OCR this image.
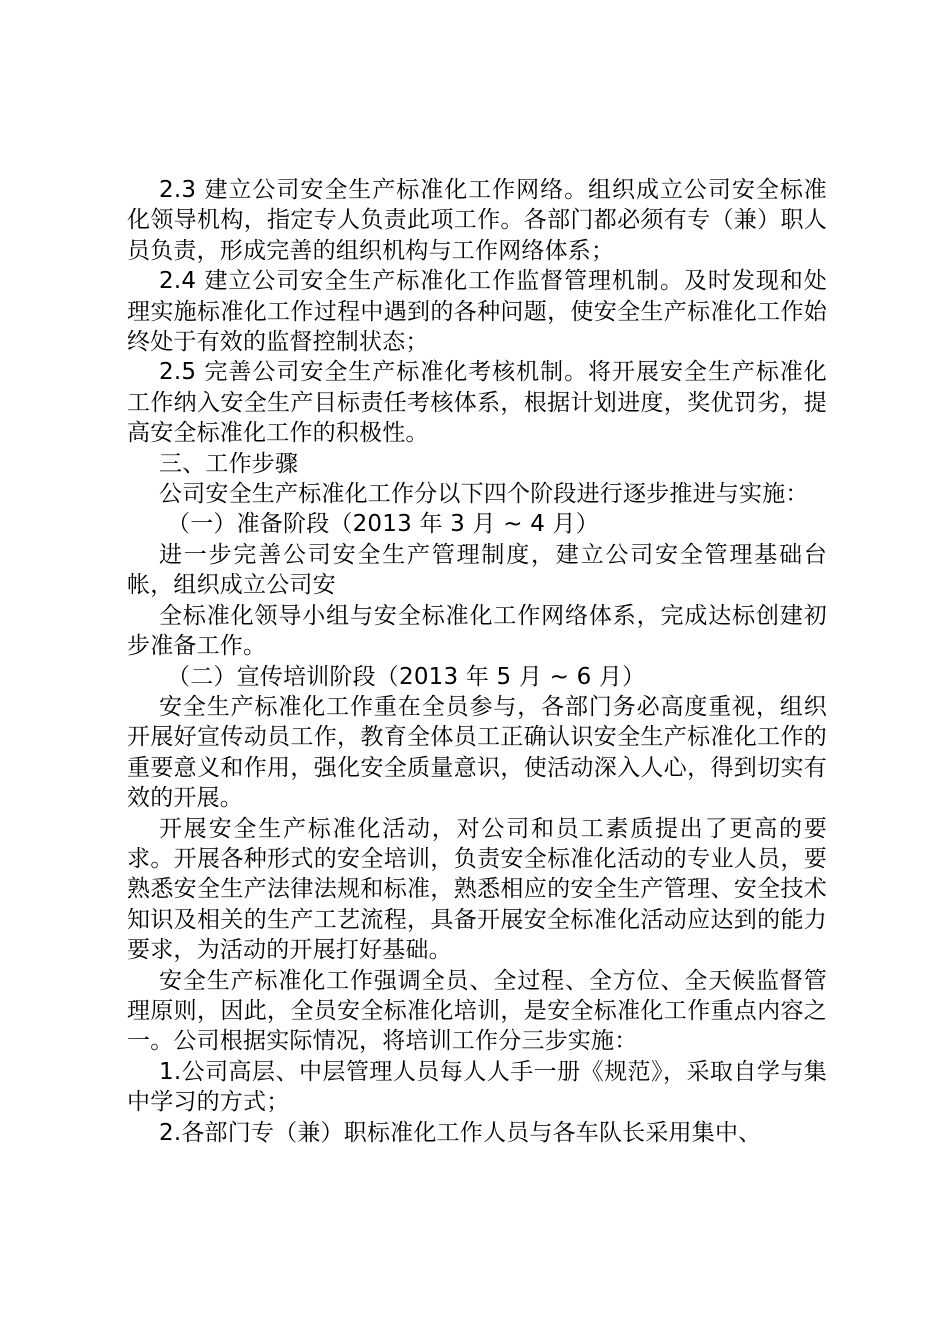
2.3 建立公司安全生产标准化工作网络。组织成立公司安全标准化领导机构，指定专人负责此项工作。各部门都必须有专（兼）职人员负责，形成完善的组织机构与工作网络体系；

2.4 建立公司安全生产标准化工作监督管理机制。及时发现和处理实施标准化工作过程中遇到的各种问题，使安全生产标准化工作始终处于有效的监督控制状态；

2.5 完善公司安全生产标准化考核机制。将开展安全生产标准化工作纳入安全生产目标责任考核体系，根据计划进度，奖优罚劣，提高安全标准化工作的积极性。

三、工作步骤

公司安全生产标准化工作分以下四个阶段进行逐步推进与实施：

（一）准备阶段（2013 年 3 月 ~ 4 月）

进一步完善公司安全生产管理制度，建立公司安全管理基础台帐，组织成立公司安

全标准化领导小组与安全标准化工作网络体系，完成达标创建初步准备工作。

（二）宣传培训阶段（2013 年 5 月 ~ 6 月）

安全生产标准化工作重在全员参与，各部门务必高度重视，组织开展好宣传动员工作，教育全体员工正确认识安全生产标准化工作的重要意义和作用，强化安全质量意识，使活动深入人心，得到切实有效的开展。

开展安全生产标准化活动，对公司和员工素质提出了更高的要求。开展各种形式的安全培训，负责安全标准化活动的专业人员，要熟悉安全生产法律法规和标准，熟悉相应的安全生产管理、安全技术知识及相关的生产工艺流程，具备开展安全标准化活动应达到的能力要求，为活动的开展打好基础。

安全生产标准化工作强调全员、全过程、全方位、全天候监督管理原则，因此，全员安全标准化培训，是安全标准化工作重点内容之一。公司根据实际情况，将培训工作分三步实施：

1.公司高层、中层管理人员每人人手一册《规范》，采取自学与集中学习的方式；

2.各部门专（兼）职标准化工作人员与各车队长采用集中、
